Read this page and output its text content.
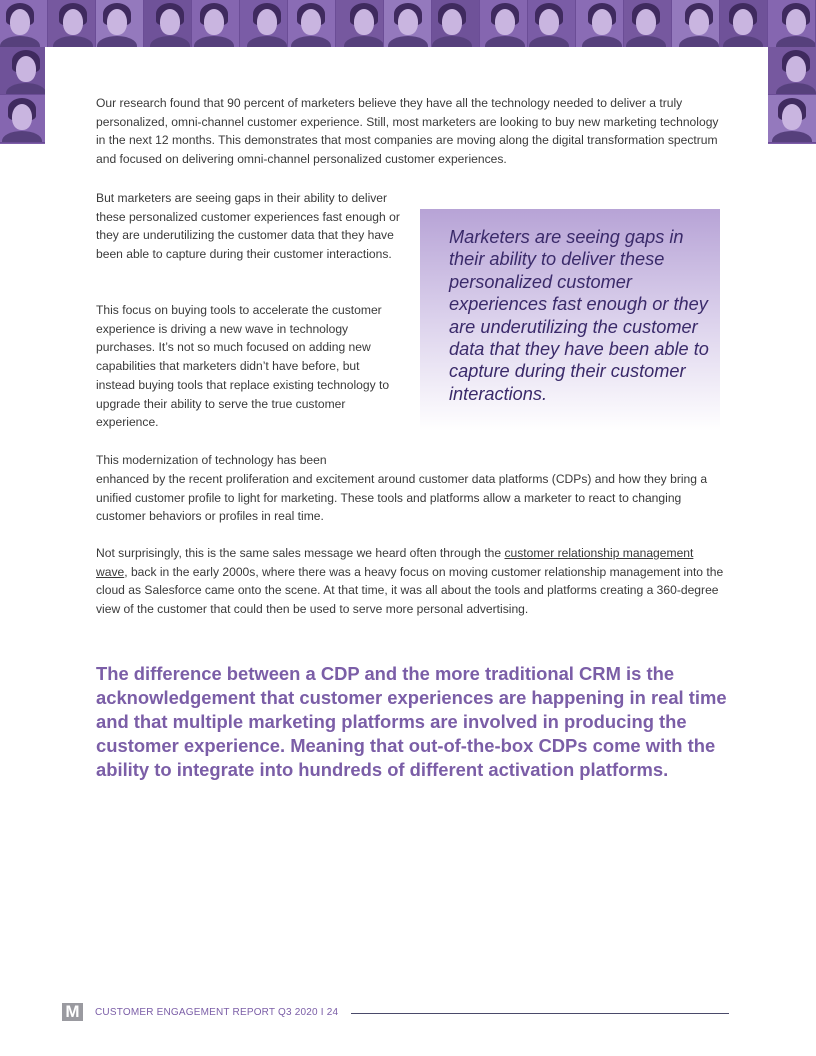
Our research found that 90 percent of marketers believe they have all the technology needed to deliver a truly personalized, omni-channel customer experience. Still, most marketers are looking to buy new marketing technology in the next 12 months. This demonstrates that most companies are moving along the digital transformation spectrum and focused on delivering omni-channel personalized customer experiences.

But marketers are seeing gaps in their ability to deliver these personalized customer experiences fast enough or they are underutilizing the customer data that they have been able to capture during their customer interactions.

This focus on buying tools to accelerate the customer experience is driving a new wave in technology purchases. It’s not so much focused on adding new capabilities that marketers didn’t have before, but instead buying tools that replace existing technology to upgrade their ability to serve the true customer experience.

Marketers are seeing gaps in their ability to deliver these personalized customer experiences fast enough or they are underutilizing the customer data that they have been able to capture during their customer interactions.

This modernization of technology has been

enhanced by the recent proliferation and excitement around customer data platforms (CDPs) and how they bring a unified customer profile to light for marketing. These tools and platforms allow a marketer to react to changing customer behaviors or profiles in real time.

Not surprisingly, this is the same sales message we heard often through the customer relationship management wave, back in the early 2000s, where there was a heavy focus on moving customer relationship management into the cloud as Salesforce came onto the scene. At that time, it was all about the tools and platforms creating a 360-degree view of the customer that could then be used to serve more personal advertising.

The difference between a CDP and the more traditional CRM is the acknowledgement that customer experiences are happening in real time and that multiple marketing platforms are involved in producing the customer experience. Meaning that out-of-the-box CDPs come with the ability to integrate into hundreds of different activation platforms.

M	CUSTOMER ENGAGEMENT REPORT Q3 2020 I 24
